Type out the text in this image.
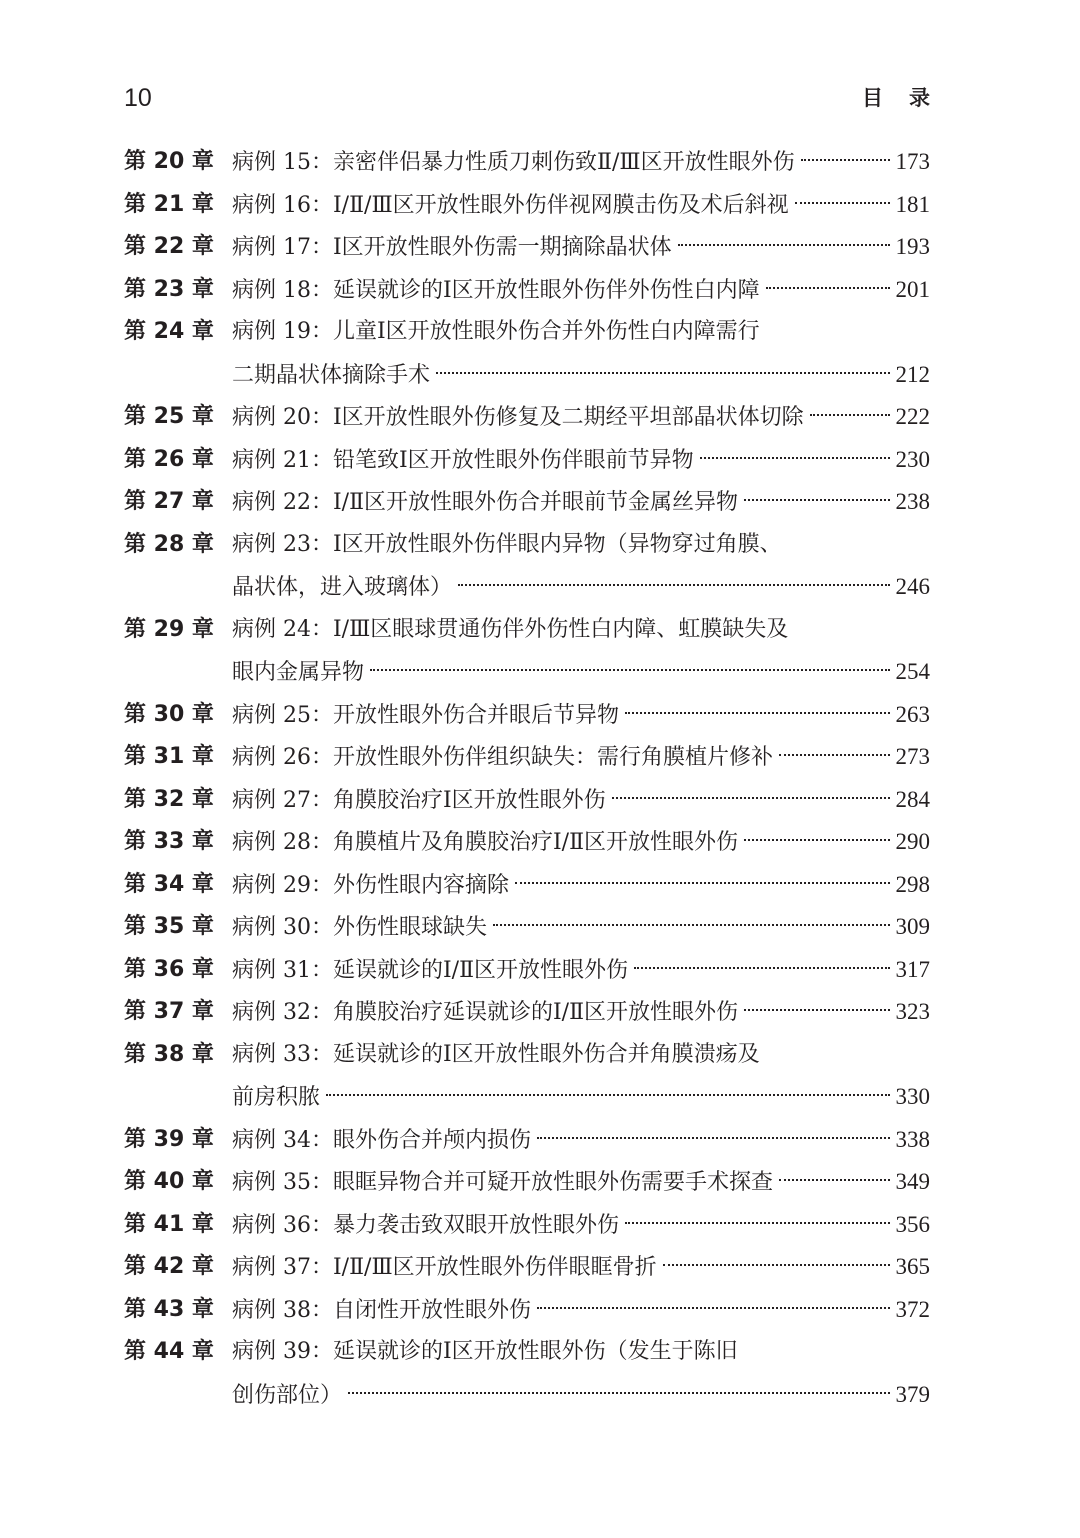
10	目录
第 20 章 病例 15：亲密伴侣暴力性质刀刺伤致Ⅱ/Ⅲ区开放性眼外伤	173
第 21 章 病例 16：Ⅰ/Ⅱ/Ⅲ区开放性眼外伤伴视网膜击伤及术后斜视	181
第 22 章 病例 17：Ⅰ区开放性眼外伤需一期摘除晶状体	193
第 23 章 病例 18：延误就诊的Ⅰ区开放性眼外伤伴外伤性白内障	201
第 24 章 病例 19：儿童Ⅰ区开放性眼外伤合并外伤性白内障需行
二期晶状体摘除手术	212
第 25 章 病例 20：Ⅰ区开放性眼外伤修复及二期经平坦部晶状体切除	222
第 26 章 病例 21：铅笔致Ⅰ区开放性眼外伤伴眼前节异物	230
第 27 章 病例 22：Ⅰ/Ⅱ区开放性眼外伤合并眼前节金属丝异物	238
第 28 章 病例 23：Ⅰ区开放性眼外伤伴眼内异物（异物穿过角膜、
晶状体，进入玻璃体）	246
第 29 章 病例 24：Ⅰ/Ⅲ区眼球贯通伤伴外伤性白内障、虹膜缺失及
眼内金属异物	254
第 30 章 病例 25：开放性眼外伤合并眼后节异物	263
第 31 章 病例 26：开放性眼外伤伴组织缺失：需行角膜植片修补	273
第 32 章 病例 27：角膜胶治疗Ⅰ区开放性眼外伤	284
第 33 章 病例 28：角膜植片及角膜胶治疗Ⅰ/Ⅱ区开放性眼外伤	290
第 34 章 病例 29：外伤性眼内容摘除	298
第 35 章 病例 30：外伤性眼球缺失	309
第 36 章 病例 31：延误就诊的Ⅰ/Ⅱ区开放性眼外伤	317
第 37 章 病例 32：角膜胶治疗延误就诊的Ⅰ/Ⅱ区开放性眼外伤	323
第 38 章 病例 33：延误就诊的Ⅰ区开放性眼外伤合并角膜溃疡及
前房积脓	330
第 39 章 病例 34：眼外伤合并颅内损伤	338
第 40 章 病例 35：眼眶异物合并可疑开放性眼外伤需要手术探查	349
第 41 章 病例 36：暴力袭击致双眼开放性眼外伤	356
第 42 章 病例 37：Ⅰ/Ⅱ/Ⅲ区开放性眼外伤伴眼眶骨折	365
第 43 章 病例 38：自闭性开放性眼外伤	372
第 44 章 病例 39：延误就诊的Ⅰ区开放性眼外伤（发生于陈旧
创伤部位）	379
